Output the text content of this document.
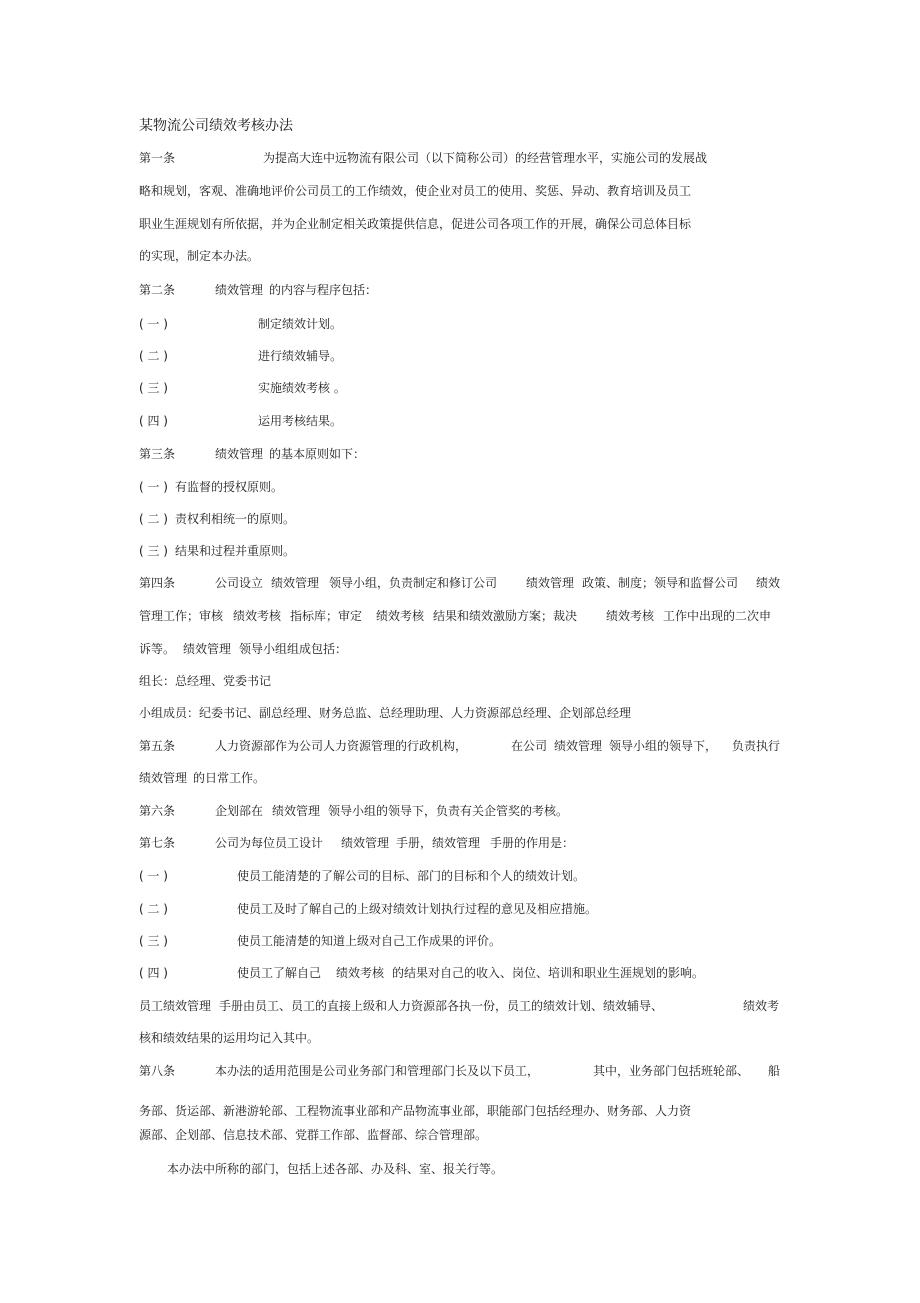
某物流公司绩效考核办法
第一条	为提高大连中远物流有限公司（以下简称公司）的经营管理水平，实施公司的发展战
略和规划，客观、准确地评价公司员工的工作绩效，使企业对员工的使用、奖惩、异动、教育培训及员工
职业生涯规划有所依据，并为企业制定相关政策提供信息，促进公司各项工作的开展，确保公司总体目标
的实现，制定本办法。
第二条	绩效管理 的内容与程序包括：
( 一 )	制定绩效计划。
( 二 )	进行绩效辅导。
( 三 )	实施绩效考核 。
( 四 )	运用考核结果。
第三条	绩效管理 的基本原则如下：
( 一 ) 有监督的授权原则。
( 二 ) 责权利相统一的原则。
( 三 ) 结果和过程并重原则。
第四条	公司设立 绩效管理 领导小组，负责制定和修订公司 绩效管理 政策、制度；领导和监督公司 绩效
管理工作；审核 绩效考核 指标库；审定 绩效考核 结果和绩效激励方案；裁决 绩效考核 工作中出现的二次申
诉等。 绩效管理 领导小组组成包括：
组长：总经理、党委书记
小组成员：纪委书记、副总经理、财务总监、总经理助理、人力资源部总经理、企划部总经理
第五条	人力资源部作为公司人力资源管理的行政机构，	在公司 绩效管理 领导小组的领导下， 负责执行
绩效管理 的日常工作。
第六条	企划部在 绩效管理 领导小组的领导下，负责有关企管奖的考核。
第七条	公司为每位员工设计 绩效管理 手册，绩效管理 手册的作用是：
( 一 )	使员工能清楚的了解公司的目标、部门的目标和个人的绩效计划。
( 二 )	使员工及时了解自己的上级对绩效计划执行过程的意见及相应措施。
( 三 )	使员工能清楚的知道上级对自己工作成果的评价。
( 四 )	使员工了解自己 绩效考核 的结果对自己的收入、岗位、培训和职业生涯规划的影响。
员工绩效管理 手册由员工、员工的直接上级和人力资源部各执一份，员工的绩效计划、绩效辅导、	绩效考
核和绩效结果的运用均记入其中。
第八条	本办法的适用范围是公司业务部门和管理部门长及以下员工，	其中，业务部门包括班轮部、 船
务部、货运部、新港游轮部、工程物流事业部和产品物流事业部，职能部门包括经理办、财务部、人力资
源部、企划部、信息技术部、党群工作部、监督部、综合管理部。
本办法中所称的部门，包括上述各部、办及科、室、报关行等。
